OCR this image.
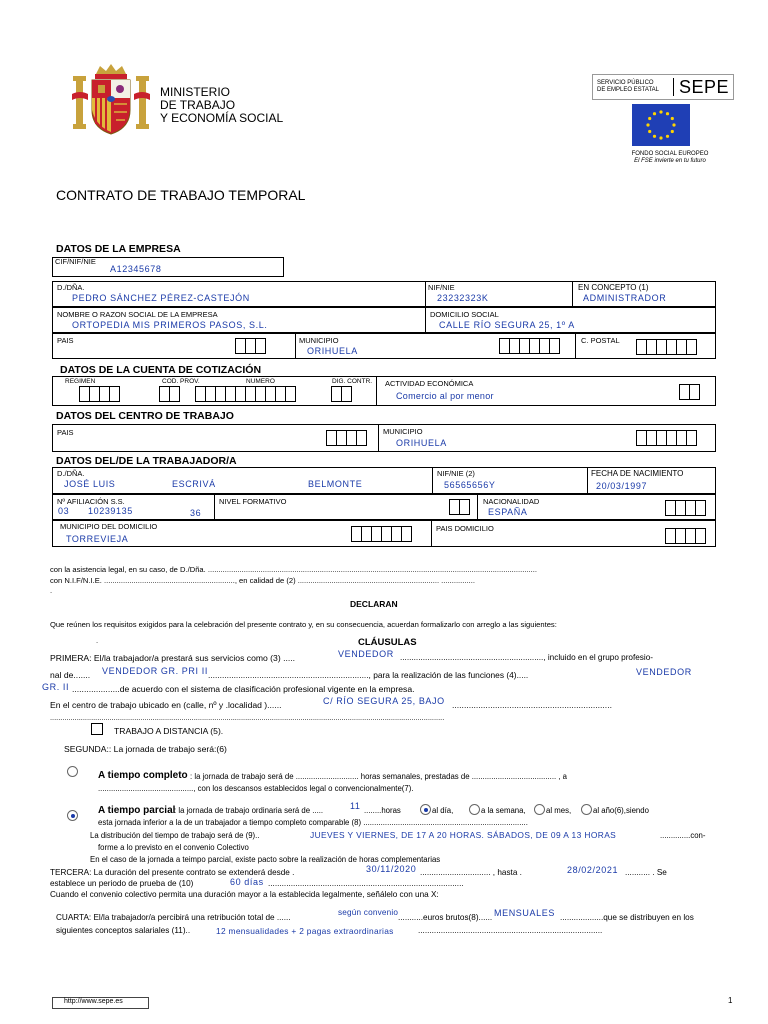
MINISTERIO
DE TRABAJO
Y ECONOMÍA SOCIAL
SERVICIO PÚBLICO
DE EMPLEO ESTATAL SEPE
FONDO SOCIAL EUROPEO
El FSE invierte en tu futuro
CONTRATO DE TRABAJO TEMPORAL
DATOS DE LA EMPRESA
CIF/NIF/NIE
A12345678
D./DÑA.
PEDRO SÁNCHEZ PÉREZ-CASTEJÓN
NIF/NIE
23232323K
EN CONCEPTO (1)
ADMINISTRADOR
NOMBRE O RAZON SOCIAL DE LA EMPRESA
ORTOPEDIA MIS PRIMEROS PASOS, S.L.
DOMICILIO SOCIAL
CALLE RÍO SEGURA 25, 1º A
PAIS	MUNICIPIO
ORIHUELA
C. POSTAL
DATOS DE LA CUENTA DE COTIZACIÓN
REGIMEN	COD. PROV.	NUMERO	DIG. CONTR. ACTIVIDAD ECONÓMICA
Comercio al por menor
DATOS DEL CENTRO DE TRABAJO
PAIS	MUNICIPIO
ORIHUELA
DATOS DEL/DE LA TRABAJADOR/A
D./DÑA.
JOSÉ LUIS	ESCRIVÁ	BELMONTE
NIF/NIE (2)
56565656Y
FECHA DE NACIMIENTO
20/03/1997
Nº AFILIACIÓN S.S.
03 10239135	36
NIVEL FORMATIVO	NACIONALIDAD
ESPAÑA
MUNICIPIO DEL DOMICILIO
TORREVIEJA
PAIS DOMICILIO
con la asistencia legal, en su caso, de D./Dña. ............................................................................................................................................................
con N.I.F/N.I.E. .............................................................., en calidad de (2) ................................................................... ................
.
DECLARAN
Que reúnen los requisitos exigidos para la celebración del presente contrato y, en su consecuencia, acuerdan formalizarlo con arreglo a las siguientes:
.	CLÁUSULAS
PRIMERA: El/la trabajador/a prestará sus servicios como (3) .....	VENDEDOR ..............................................................., incluido en el grupo profesio-
nal de....... VENDEDOR GR. PRI II ....................................................................., para la realización de las funciones (4).....	VENDEDOR
GR. II ....................de acuerdo con el sistema de clasificación profesional vigente en la empresa.
En el centro de trabajo ubicado en (calle, nº y .localidad )......	C/ RÍO SEGURA 25, BAJO ...................................................................
................................................................................................................................................................................................
TRABAJO A DISTANCIA (5).
SEGUNDA:: La jornada de trabajo será:(6)
A tiempo completo : la jornada de trabajo será de ............................. horas semanales, prestadas de ....................................... , a
............................................, con los descansos establecidos legal o convencionalmente(7).
A tiempo parcial
: la jornada de trabajo ordinaria será de .....	11 ........horas	al día,	a la semana,	al mes,	al año(6),siendo
esta jornada inferior a la de un trabajador a tiempo completo comparable (8) ............................................................................
La distribución del tiempo de trabajo será de (9)..	JUEVES Y VIERNES, DE 17 A 20 HORAS. SÁBADOS, DE 09 A 13 HORAS	..............con-
forme a lo previsto en el convenio Colectivo
En el caso de la jornada a teimpo parcial, existe pacto sobre la realización de horas complementarias
TERCERA: La duración del presente contrato se extenderá desde .	30/11/2020 ............................... , hasta .	28/02/2021 ........... . Se
establece un periodo de prueba de (10)	60 días ......................................................................................
Cuando el convenio colectivo permita una duración mayor a la establecida legalmente, señálelo con una X:
CUARTA: El/la trabajador/a percibirá una retribución total de ......
según convenio
...........euros brutos(8)...... MENSUALES ...................que se distribuyen en los
siguientes conceptos salariales (11)..	12 mensualidades + 2 pagas extraordinarias	.................................................................................
http://www.sepe.es	1
